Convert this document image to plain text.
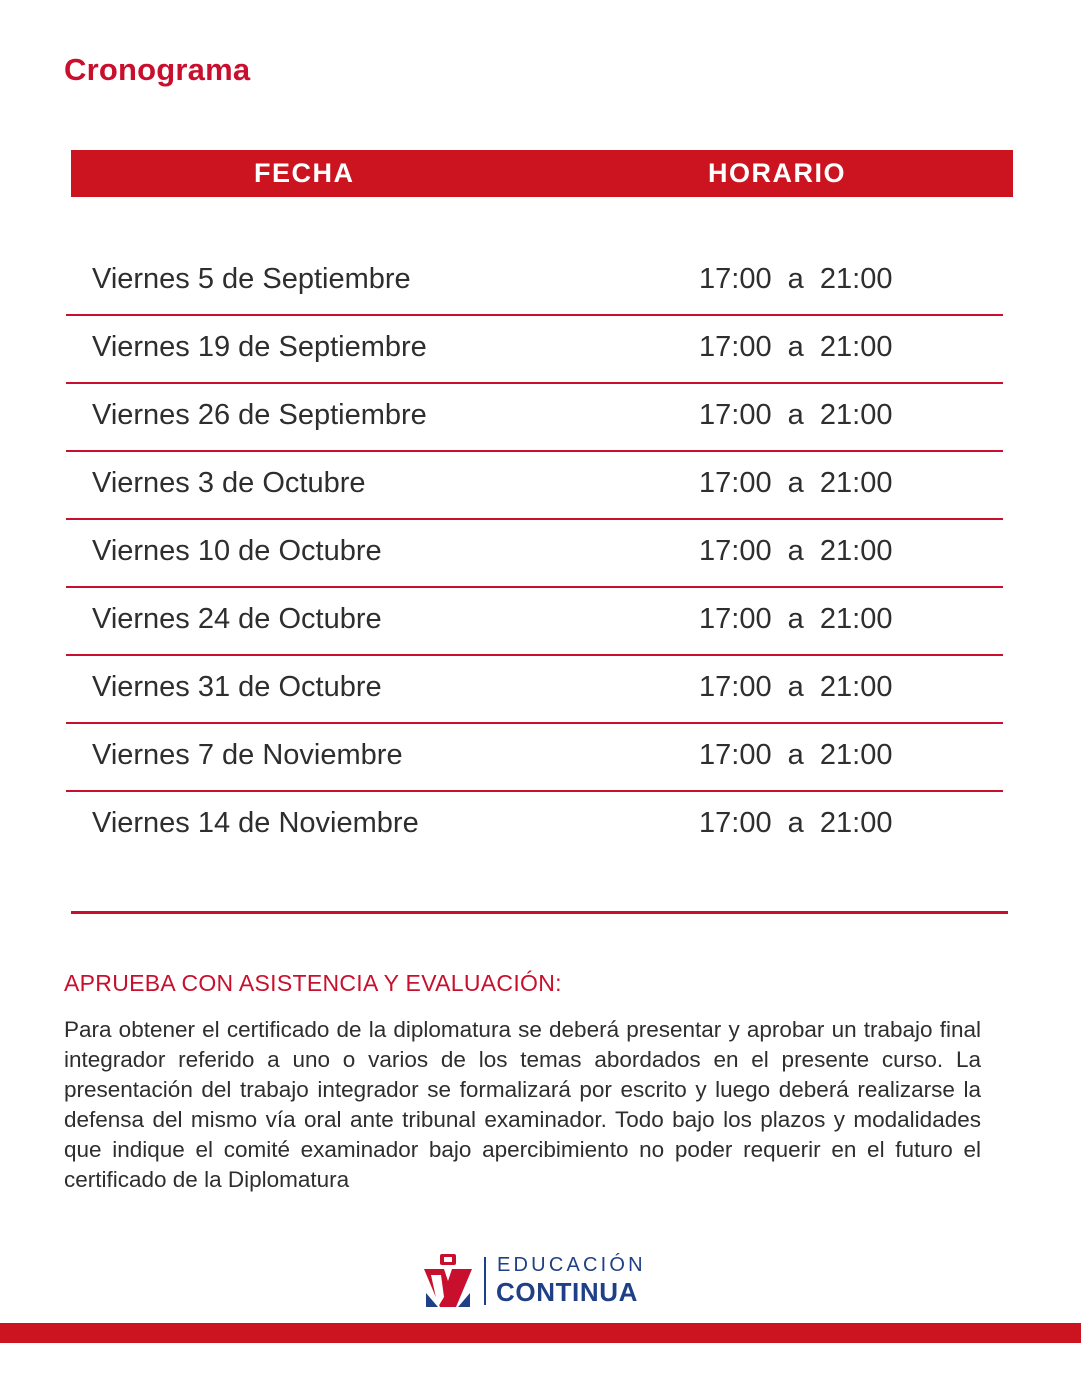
Cronograma
FECHA	HORARIO
Viernes 5 de Septiembre	17:00  a  21:00
Viernes 19 de Septiembre	17:00  a  21:00
Viernes 26 de Septiembre	17:00  a  21:00
Viernes 3 de Octubre	17:00  a  21:00
Viernes 10 de Octubre	17:00  a  21:00
Viernes 24 de Octubre	17:00  a  21:00
Viernes 31 de Octubre	17:00  a  21:00
Viernes 7 de Noviembre	17:00  a  21:00
Viernes 14 de Noviembre	17:00  a  21:00
APRUEBA CON ASISTENCIA Y EVALUACIÓN:
Para obtener el certificado de la diplomatura se deberá presentar y aprobar un trabajo final integrador referido a uno o varios de los temas abordados en el presente curso. La presentación del trabajo integrador se formalizará por escrito y luego deberá realizarse la defensa del mismo vía oral ante tribunal examinador. Todo bajo los plazos y modalidades que indique el comité examinador bajo apercibimiento no poder requerir en el futuro el certificado de la Diplomatura
EDUCACIÓN
CONTINUA
